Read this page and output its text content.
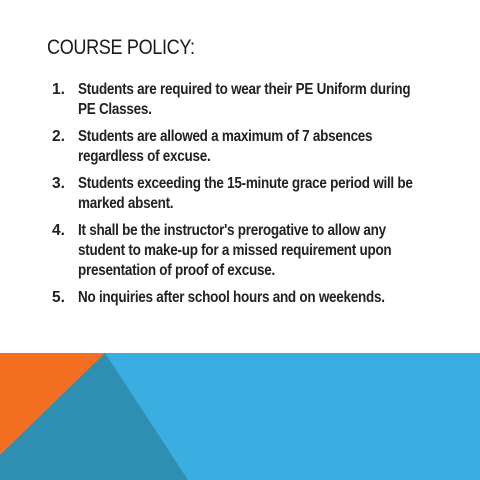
COURSE POLICY:
1. Students are required to wear their PE Uniform during PE Classes.
2. Students are allowed a maximum of 7 absences regardless of excuse.
3. Students exceeding the 15-minute grace period will be marked absent.
4. It shall be the instructor's prerogative to allow any student to make-up for a missed requirement upon presentation of proof of excuse.
5. No inquiries after school hours and on weekends.
